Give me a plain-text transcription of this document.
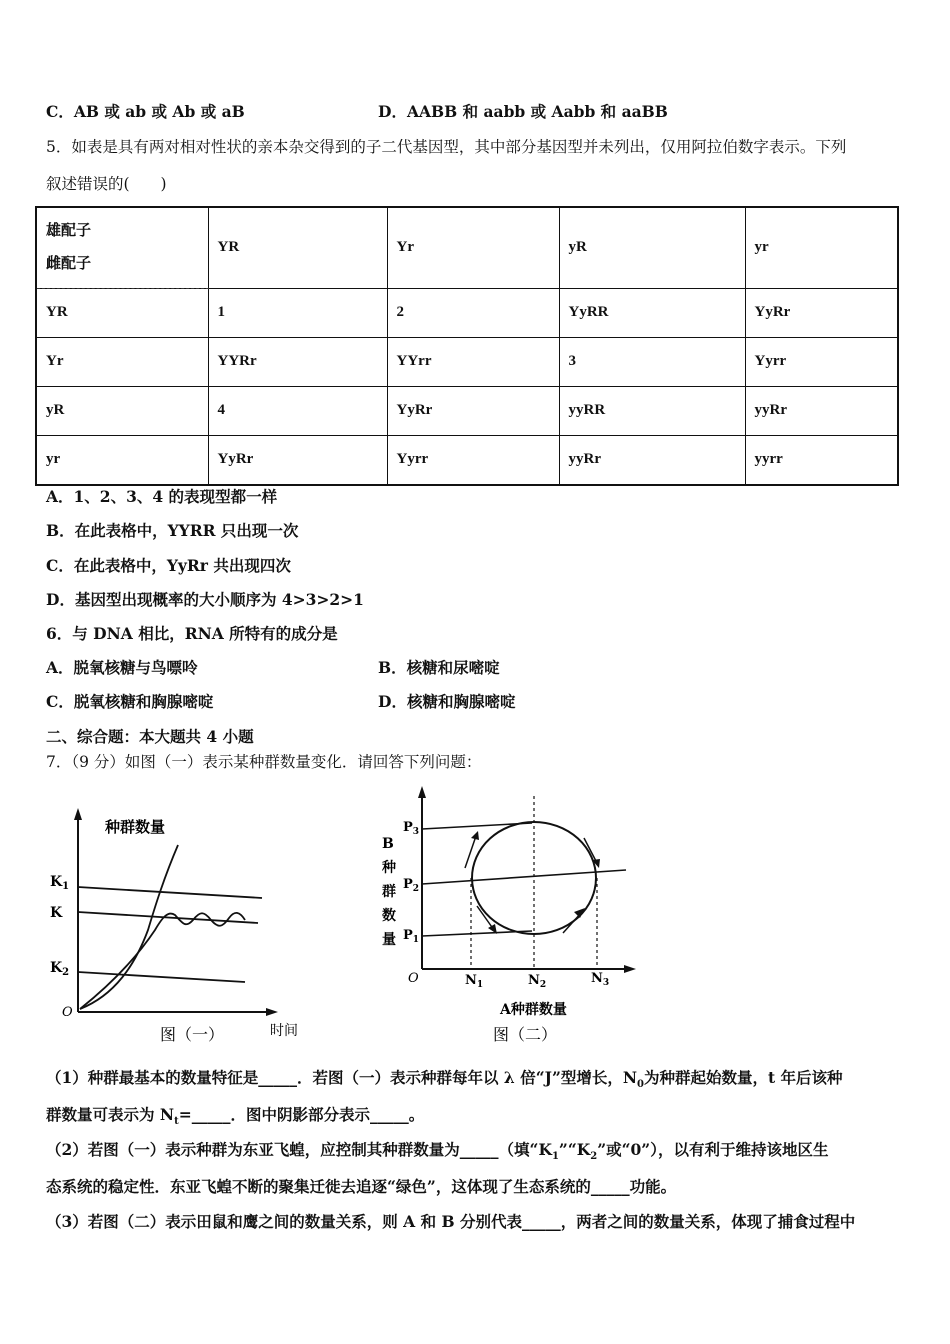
C．AB 或 ab 或 Ab 或 aB	D．AABB 和 aabb 或 Aabb 和 aaBB
5．如表是具有两对相对性状的亲本杂交得到的子二代基因型，其中部分基因型并未列出，仅用阿拉伯数字表示。下列
叙述错误的(　　)
雄配子
雌配子	YR	Yr	yR	yr
YR	1	2	YyRR	YyRr
Yr	YYRr	YYrr	3	Yyrr
yR	4	YyRr	yyRR	yyRr
yr	YyRr	Yyrr	yyRr	yyrr
A．1、2、3、4 的表现型都一样
B．在此表格中，YYRR 只出现一次
C．在此表格中，YyRr 共出现四次
D．基因型出现概率的大小顺序为 4>3>2>1
6．与 DNA 相比，RNA 所特有的成分是
A．脱氧核糖与鸟嘌呤	B．核糖和尿嘧啶
C．脱氧核糖和胸腺嘧啶	D．核糖和胸腺嘧啶
二、综合题：本大题共 4 小题
7．（9 分）如图（一）表示某种群数量变化．请回答下列问题：
种群数量
$K_1$
K
$K_2$
O
时间
图（一）
B
种
群
数
量
$P_3$
$P_2$
$P_1$
O	$N_1$	$N_2$	$N_3$
A种群数量
图（二）
（1）种群最基本的数量特征是_____．若图（一）表示种群每年以 λ 倍“J”型增长，$N_0$为种群起始数量，t 年后该种
群数量可表示为 $N_t=\_\_\_\_\_$．图中阴影部分表示_____。
（2）若图（一）表示种群为东亚飞蝗，应控制其种群数量为_____（填“$K_1”“K_2$”或“0”），以有利于维持该地区生
态系统的稳定性．东亚飞蝗不断的聚集迁徙去追逐“绿色”，这体现了生态系统的_____功能。
（3）若图（二）表示田鼠和鹰之间的数量关系，则 A 和 B 分别代表_____，两者之间的数量关系，体现了捕食过程中
